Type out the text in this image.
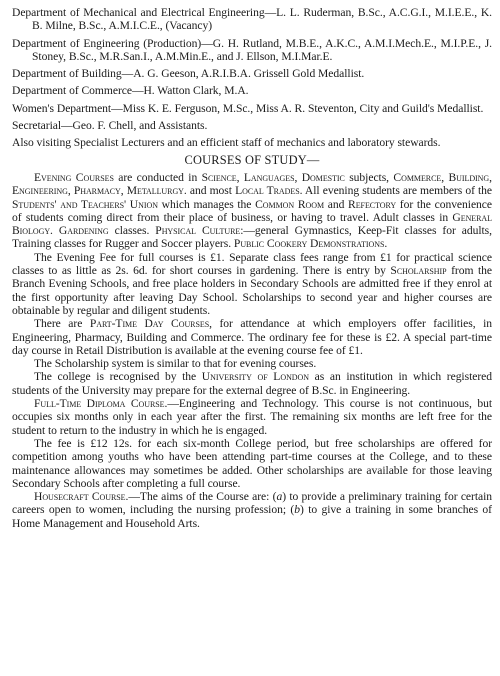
Department of Mechanical and Electrical Engineering—L. L. Ruderman, B.Sc., A.C.G.I., M.I.E.E., K. B. Milne, B.Sc., A.M.I.C.E., (Vacancy)

Department of Engineering (Production)—G. H. Rutland, M.B.E., A.K.C., A.M.I.Mech.E., M.I.P.E., J. Stoney, B.Sc., M.R.San.I., A.M.Min.E., and J. Ellson, M.I.Mar.E.

Department of Building—A. G. Geeson, A.R.I.B.A. Grissell Gold Medallist.

Department of Commerce—H. Watton Clark, M.A.

Women's Department—Miss K. E. Ferguson, M.Sc., Miss A. R. Steventon, City and Guild's Medallist.

Secretarial—Geo. F. Chell, and Assistants.

Also visiting Specialist Lecturers and an efficient staff of mechanics and laboratory stewards.

COURSES OF STUDY—

Evening Courses are conducted in Science, Languages, Domestic subjects, Commerce, Building, Engineering, Pharmacy, Metallurgy. and most Local Trades. All evening students are members of the Students' and Teachers' Union which manages the Common Room and Refectory for the convenience of students coming direct from their place of business, or having to travel. Adult classes in General Biology. Gardening classes. Physical Culture:—general Gymnastics, Keep-Fit classes for adults, Training classes for Rugger and Soccer players. Public Cookery Demonstrations.

The Evening Fee for full courses is £1. Separate class fees range from £1 for practical science classes to as little as 2s. 6d. for short courses in gardening. There is entry by Scholarship from the Branch Evening Schools, and free place holders in Secondary Schools are admitted free if they enrol at the first opportunity after leaving Day School. Scholarships to second year and higher courses are obtainable by regular and diligent students.

There are Part-Time Day Courses, for attendance at which employers offer facilities, in Engineering, Pharmacy, Building and Commerce. The ordinary fee for these is £2. A special part-time day course in Retail Distribution is available at the evening course fee of £1.

The Scholarship system is similar to that for evening courses.

The college is recognised by the University of London as an institution in which registered students of the University may prepare for the external degree of B.Sc. in Engineering.

Full-Time Diploma Course.—Engineering and Technology. This course is not continuous, but occupies six months only in each year after the first. The remaining six months are left free for the student to return to the industry in which he is engaged.

The fee is £12 12s. for each six-month College period, but free scholarships are offered for competition among youths who have been attending part-time courses at the College, and to these maintenance allowances may sometimes be added. Other scholarships are available for those leaving Secondary Schools after completing a full course.

Housecraft Course.—The aims of the Course are: (a) to provide a preliminary training for certain careers open to women, including the nursing profession; (b) to give a training in some branches of Home Management and Household Arts.
